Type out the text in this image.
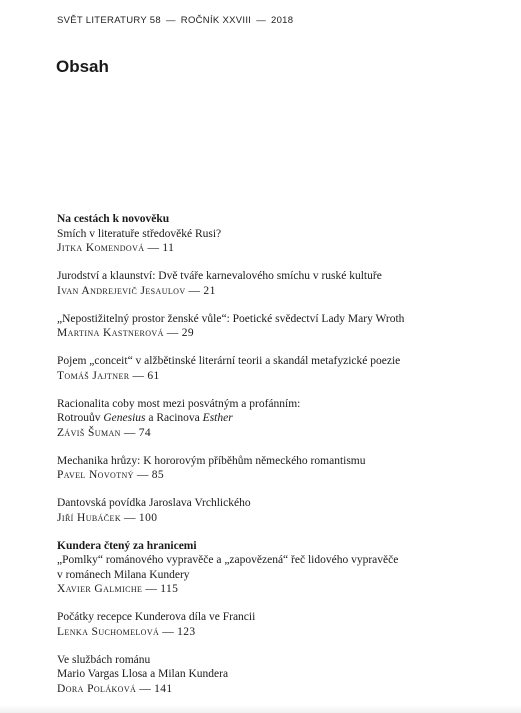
SVĚT LITERATURY 58 — ROČNÍK XXVIII — 2018
Obsah
Na cestách k novověku
Smích v literatuře středověké Rusi?
Jitka Komendová — 11
Jurodství a klaunství: Dvě tváře karnevalového smíchu v ruské kultuře
Ivan Andrejevič Jesaulov — 21
„Nepostižitelný prostor ženské vůle“: Poetické svědectví Lady Mary Wroth
Martina Kastnerová — 29
Pojem „conceit“ v alžbětinské literární teorii a skandál metafyzické poezie
Tomáš Jajtner — 61
Racionalita coby most mezi posvátným a profánním:
Rotrouův Genesius a Racinova Esther
Záviš Šuman — 74
Mechanika hrůzy: K hororovým příběhům německého romantismu
Pavel Novotný — 85
Dantovská povídka Jaroslava Vrchlického
Jiří Hubáček — 100
Kundera čtený za hranicemi
„Pomlky“ románového vypravěče a „zapovězená“ řeč lidového vypravěče
v románech Milana Kundery
Xavier Galmiche — 115
Počátky recepce Kunderova díla ve Francii
Lenka Suchomelová — 123
Ve službách románu
Mario Vargas Llosa a Milan Kundera
Dora Poláková — 141
